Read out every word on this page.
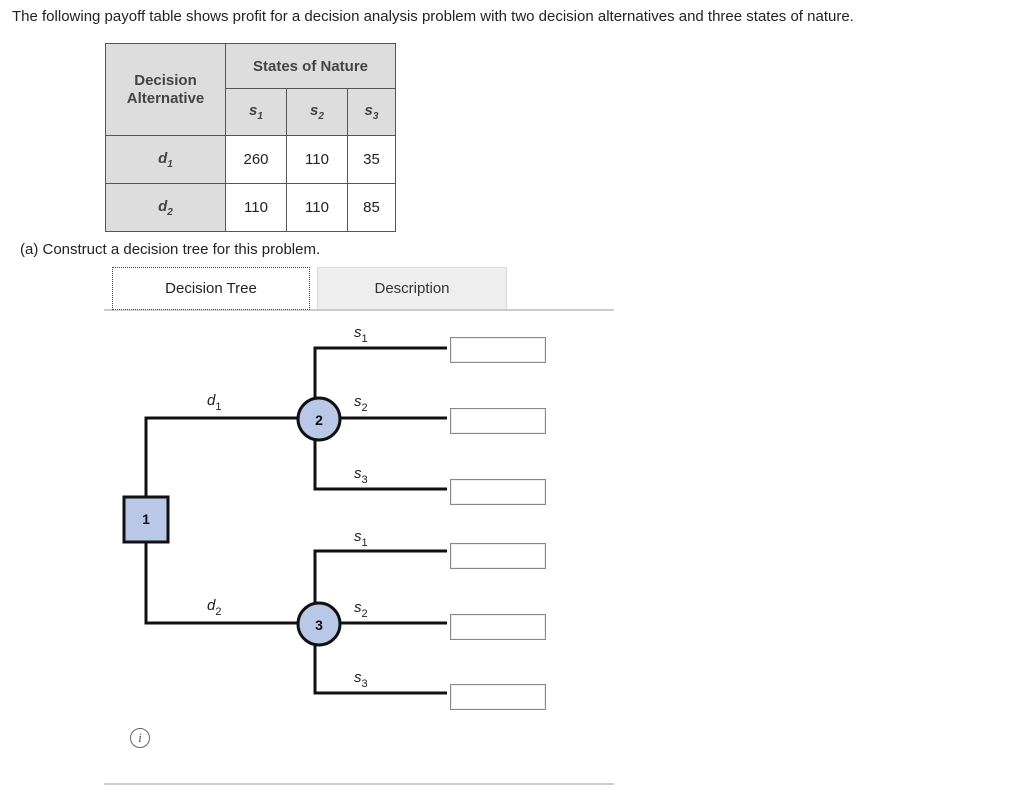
The following payoff table shows profit for a decision analysis problem with two decision alternatives and three states of nature.

Decision
Alternative	States of Nature		
	$s_1$	$s_2$	$s_3$
$d_1$	260	110	35
$d_2$	110	110	85

(a) Construct a decision tree for this problem.

Decision Tree	Description
1
2
3
$d_1$
$d_2$
$s_1$
$s_2$
$s_3$
$s_1$
$s_2$
$s_3$
i
